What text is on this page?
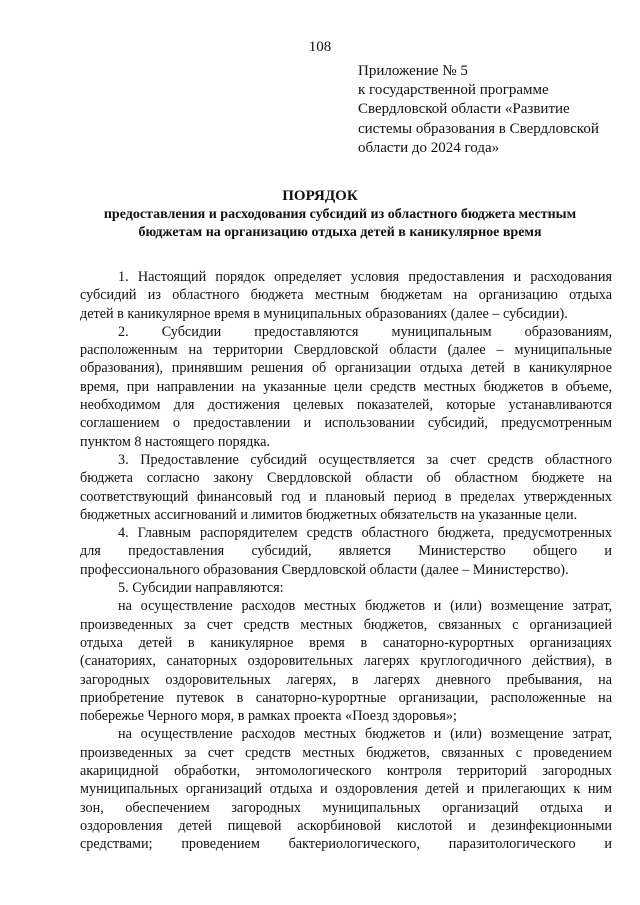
108
Приложение № 5
к государственной программе
Свердловской области «Развитие
системы образования в Свердловской
области до 2024 года»
ПОРЯДОК
предоставления и расходования субсидий из областного бюджета местным
бюджетам на организацию отдыха детей в каникулярное время
1. Настоящий порядок определяет условия предоставления и расходования
субсидий из областного бюджета местным бюджетам на организацию отдыха
детей в каникулярное время в муниципальных образованиях (далее – субсидии).
2. Субсидии предоставляются муниципальным образованиям,
расположенным на территории Свердловской области (далее – муниципальные
образования), принявшим решения об организации отдыха детей в каникулярное
время, при направлении на указанные цели средств местных бюджетов в объеме,
необходимом для достижения целевых показателей, которые устанавливаются
соглашением о предоставлении и использовании субсидий, предусмотренным
пунктом 8 настоящего порядка.
3. Предоставление субсидий осуществляется за счет средств областного
бюджета согласно закону Свердловской области об областном бюджете на
соответствующий финансовый год и плановый период в пределах утвержденных
бюджетных ассигнований и лимитов бюджетных обязательств на указанные цели.
4. Главным распорядителем средств областного бюджета, предусмотренных
для предоставления субсидий, является Министерство общего и
профессионального образования Свердловской области (далее – Министерство).
5. Субсидии направляются:
на осуществление расходов местных бюджетов и (или) возмещение затрат,
произведенных за счет средств местных бюджетов, связанных с организацией
отдыха детей в каникулярное время в санаторно-курортных организациях
(санаториях, санаторных оздоровительных лагерях круглогодичного действия), в
загородных оздоровительных лагерях, в лагерях дневного пребывания, на
приобретение путевок в санаторно-курортные организации, расположенные на
побережье Черного моря, в рамках проекта «Поезд здоровья»;
на осуществление расходов местных бюджетов и (или) возмещение затрат,
произведенных за счет средств местных бюджетов, связанных с проведением
акарицидной обработки, энтомологического контроля территорий загородных
муниципальных организаций отдыха и оздоровления детей и прилегающих к ним
зон, обеспечением загородных муниципальных организаций отдыха и
оздоровления детей пищевой аскорбиновой кислотой и дезинфекционными
средствами; проведением бактериологического, паразитологического и
